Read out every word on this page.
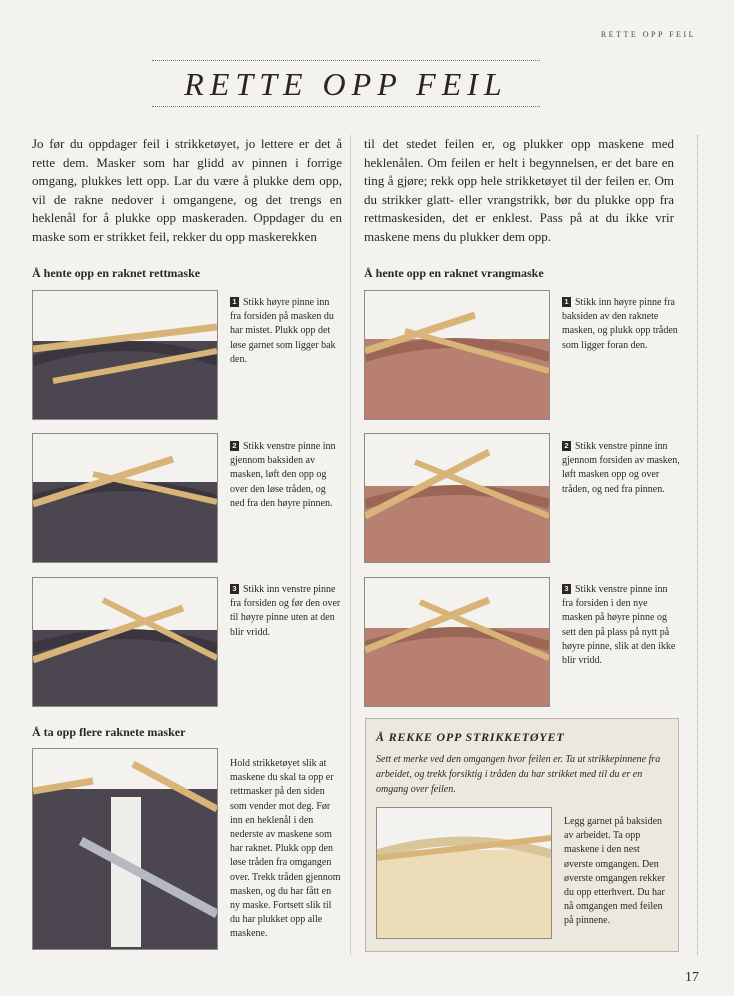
RETTE OPP FEIL
RETTE OPP FEIL
Jo før du oppdager feil i strikketøyet, jo lettere er det å rette dem. Masker som har glidd av pinnen i forrige omgang, plukkes lett opp. Lar du være å plukke dem opp, vil de rakne nedover i omgangene, og det trengs en heklenål for å plukke opp maskeraden. Oppdager du en maske som er strikket feil, rekker du opp maskerekken
til det stedet feilen er, og plukker opp maskene med heklenålen. Om feilen er helt i begynnelsen, er det bare en ting å gjøre; rekk opp hele strikketøyet til der feilen er. Om du strikker glatt- eller vrangstrikk, bør du plukke opp fra rettmaskesiden, det er enklest. Pass på at du ikke vrir maskene mens du plukker dem opp.
Å hente opp en raknet rettmaske
1 Stikk høyre pinne inn fra forsiden på masken du har mistet. Plukk opp det løse garnet som ligger bak den.
2 Stikk venstre pinne inn gjennom baksiden av masken, løft den opp og over den løse tråden, og ned fra den høyre pinnen.
3 Stikk inn venstre pinne fra forsiden og før den over til høyre pinne uten at den blir vridd.
Å hente opp en raknet vrangmaske
1 Stikk inn høyre pinne fra baksiden av den raknete masken, og plukk opp tråden som ligger foran den.
2 Stikk venstre pinne inn gjennom forsiden av masken, løft masken opp og over tråden, og ned fra pinnen.
3 Stikk venstre pinne inn fra forsiden i den nye masken på høyre pinne og sett den på plass på nytt på høyre pinne, slik at den ikke blir vridd.
Å ta opp flere raknete masker
Hold strikketøyet slik at maskene du skal ta opp er rettmasker på den siden som vender mot deg. Før inn en heklenål i den nederste av maskene som har raknet. Plukk opp den løse tråden fra omgangen over. Trekk tråden gjennom masken, og du har fått en ny maske. Fortsett slik til du har plukket opp alle maskene.
Å REKKE OPP STRIKKETØYET
Sett et merke ved den omgangen hvor feilen er. Ta ut strikkepinnene fra arbeidet, og trekk forsiktig i tråden du har strikket med til du er en omgang over feilen.
Legg garnet på baksiden av arbeidet. Ta opp maskene i den nest øverste omgangen. Den øverste omgangen rekker du opp etterhvert. Du har nå omgangen med feilen på pinnene.
17
